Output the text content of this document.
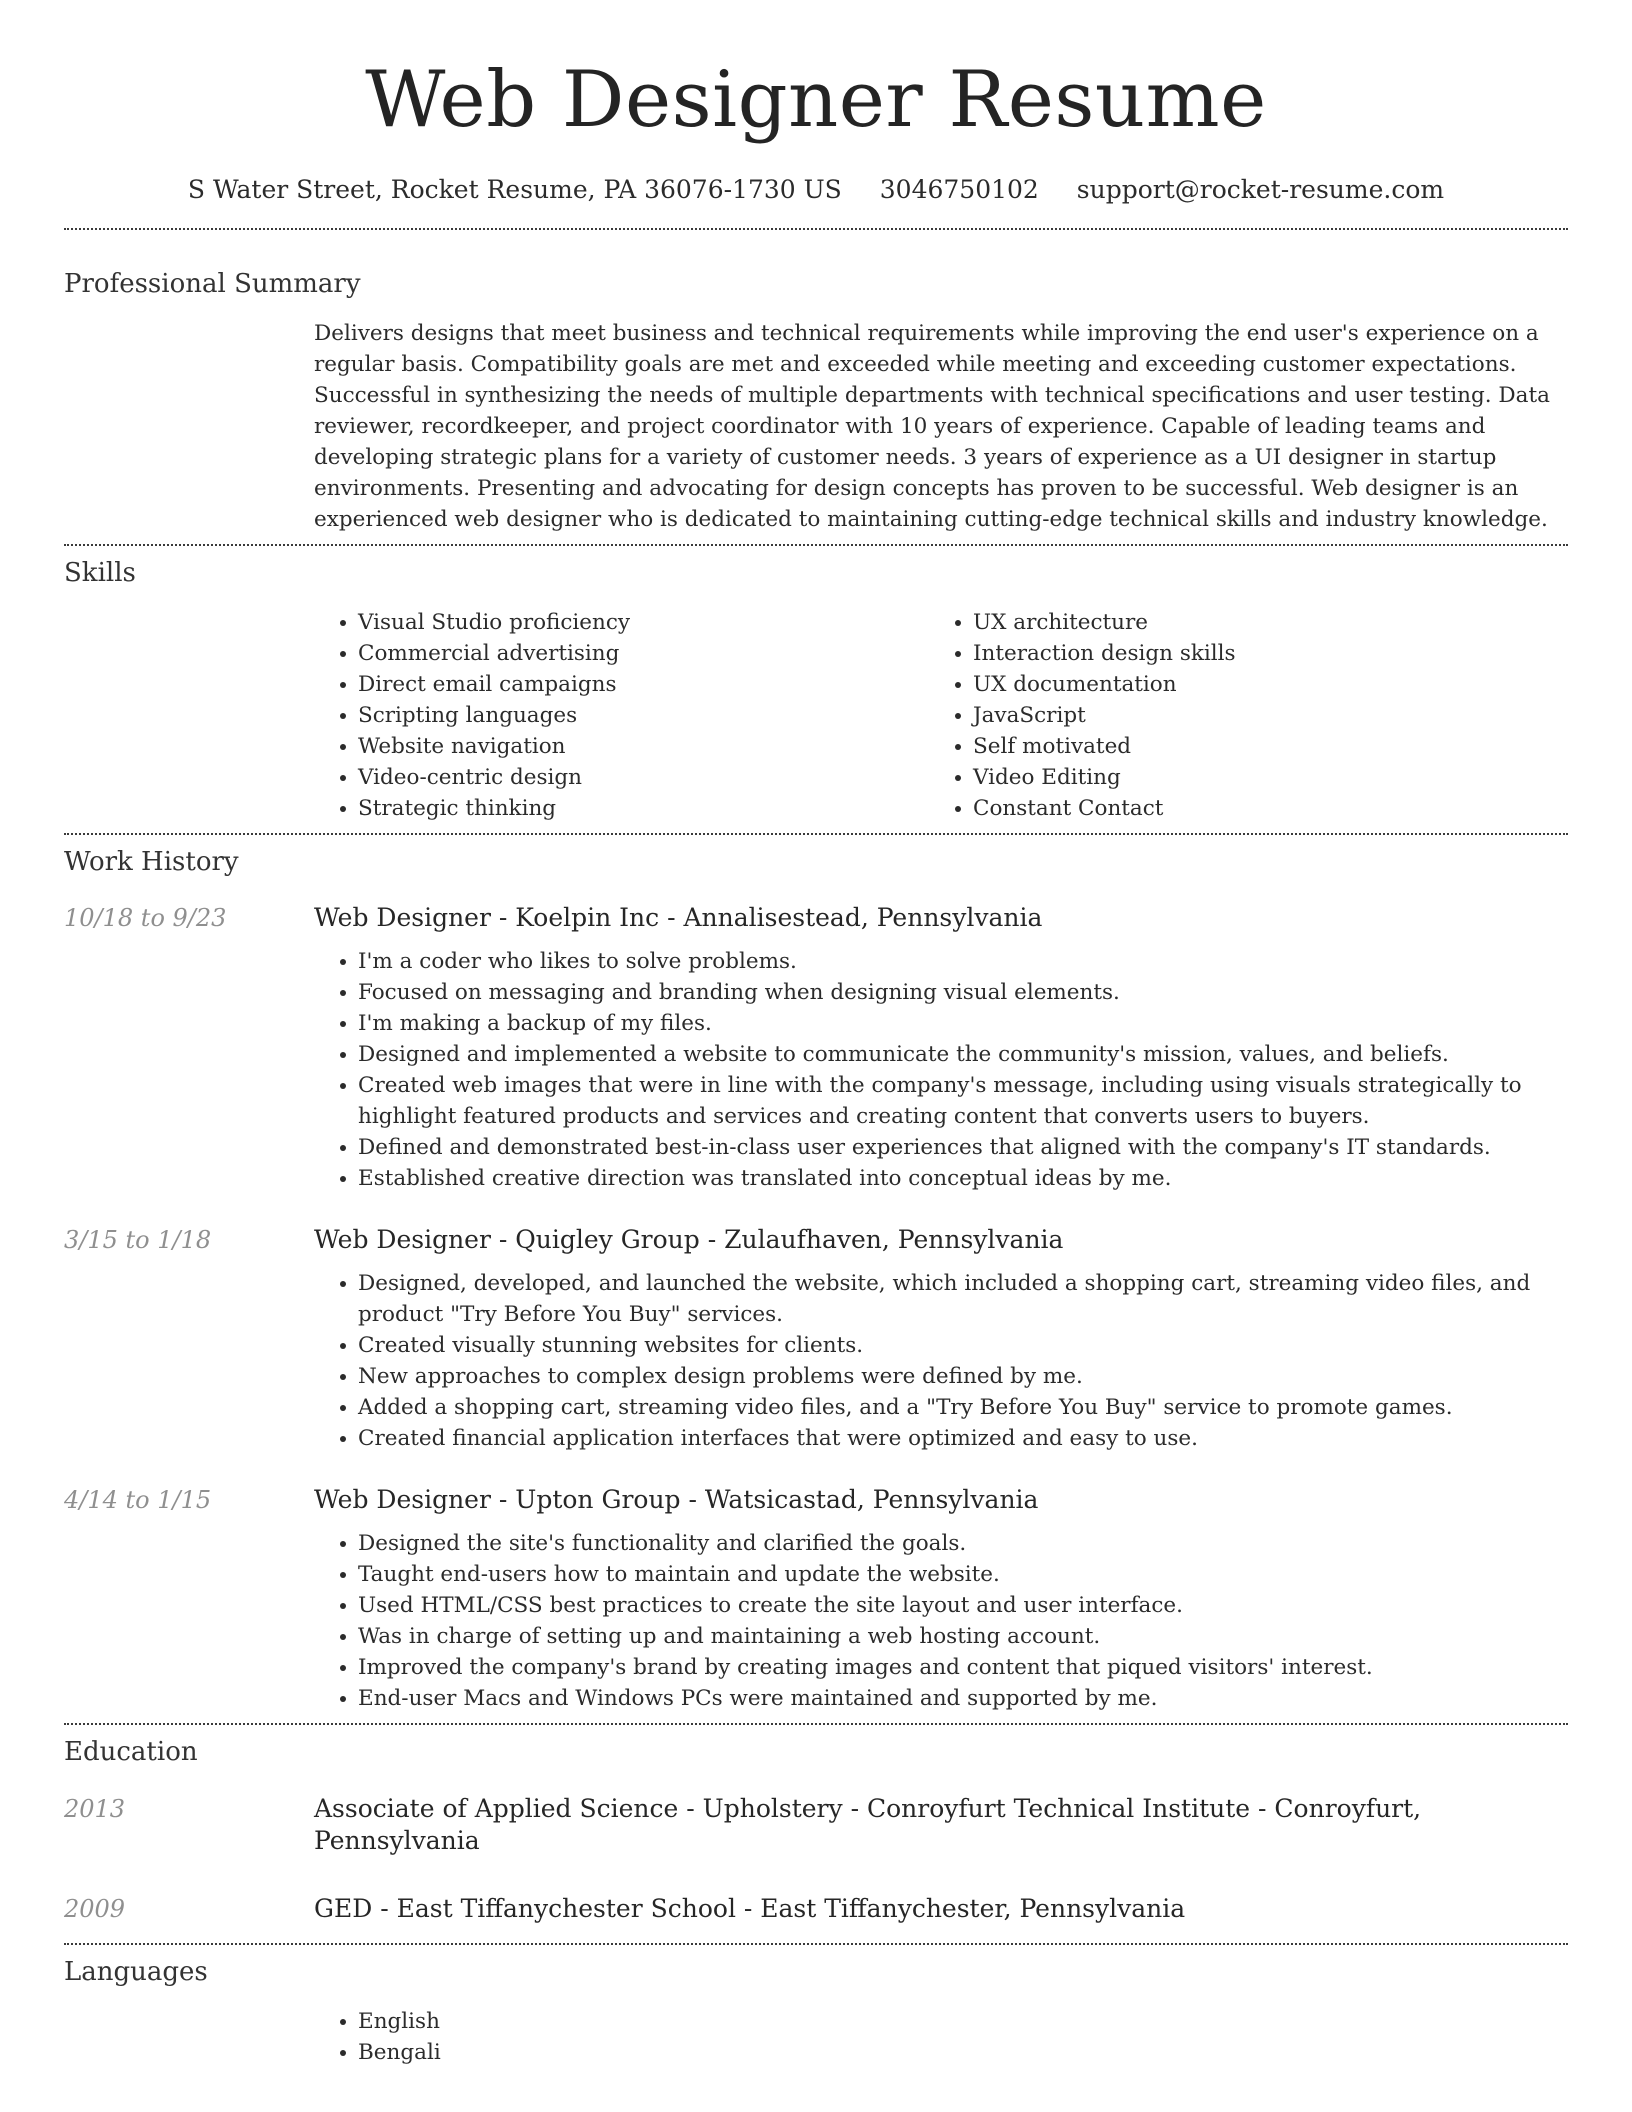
Web Designer Resume
S Water Street, Rocket Resume, PA 36076-1730 US 3046750102 support@rocket-resume.com
Professional Summary
Delivers designs that meet business and technical requirements while improving the end user's experience on a regular basis. Compatibility goals are met and exceeded while meeting and exceeding customer expectations. Successful in synthesizing the needs of multiple departments with technical specifications and user testing. Data reviewer, recordkeeper, and project coordinator with 10 years of experience. Capable of leading teams and developing strategic plans for a variety of customer needs. 3 years of experience as a UI designer in startup environments. Presenting and advocating for design concepts has proven to be successful. Web designer is an experienced web designer who is dedicated to maintaining cutting-edge technical skills and industry knowledge.
Skills
Visual Studio proficiency
Commercial advertising
Direct email campaigns
Scripting languages
Website navigation
Video-centric design
Strategic thinking
UX architecture
Interaction design skills
UX documentation
JavaScript
Self motivated
Video Editing
Constant Contact
Work History
10/18 to 9/23	Web Designer - Koelpin Inc - Annalisestead, Pennsylvania
I'm a coder who likes to solve problems.
Focused on messaging and branding when designing visual elements.
I'm making a backup of my files.
Designed and implemented a website to communicate the community's mission, values, and beliefs.
Created web images that were in line with the company's message, including using visuals strategically to highlight featured products and services and creating content that converts users to buyers.
Defined and demonstrated best-in-class user experiences that aligned with the company's IT standards.
Established creative direction was translated into conceptual ideas by me.
3/15 to 1/18	Web Designer - Quigley Group - Zulaufhaven, Pennsylvania
Designed, developed, and launched the website, which included a shopping cart, streaming video files, and product "Try Before You Buy" services.
Created visually stunning websites for clients.
New approaches to complex design problems were defined by me.
Added a shopping cart, streaming video files, and a "Try Before You Buy" service to promote games.
Created financial application interfaces that were optimized and easy to use.
4/14 to 1/15	Web Designer - Upton Group - Watsicastad, Pennsylvania
Designed the site's functionality and clarified the goals.
Taught end-users how to maintain and update the website.
Used HTML/CSS best practices to create the site layout and user interface.
Was in charge of setting up and maintaining a web hosting account.
Improved the company's brand by creating images and content that piqued visitors' interest.
End-user Macs and Windows PCs were maintained and supported by me.
Education
2013	Associate of Applied Science - Upholstery - Conroyfurt Technical Institute - Conroyfurt, Pennsylvania
2009	GED - East Tiffanychester School - East Tiffanychester, Pennsylvania
Languages
English
Bengali
